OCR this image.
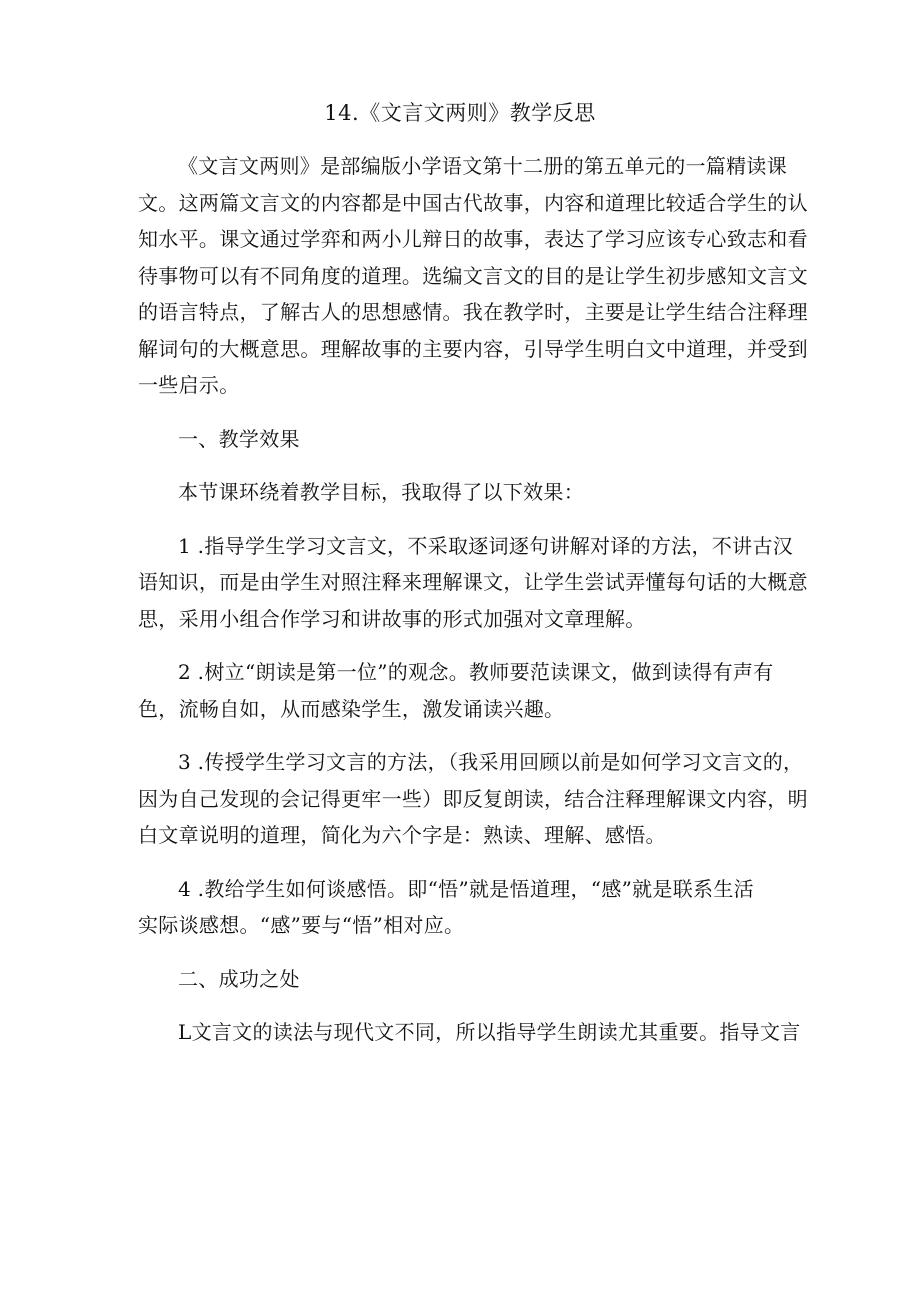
14.《文言文两则》教学反思
《文言文两则》是部编版小学语文第十二册的第五单元的一篇精读课
文。这两篇文言文的内容都是中国古代故事，内容和道理比较适合学生的认
知水平。课文通过学弈和两小儿辩日的故事，表达了学习应该专心致志和看
待事物可以有不同角度的道理。选编文言文的目的是让学生初步感知文言文
的语言特点，了解古人的思想感情。我在教学时，主要是让学生结合注释理
解词句的大概意思。理解故事的主要内容，引导学生明白文中道理，并受到
一些启示。
一、教学效果
本节课环绕着教学目标，我取得了以下效果：
1 .指导学生学习文言文，不采取逐词逐句讲解对译的方法，不讲古汉
语知识，而是由学生对照注释来理解课文，让学生尝试弄懂每句话的大概意
思，采用小组合作学习和讲故事的形式加强对文章理解。
2 .树立“朗读是第一位”的观念。教师要范读课文，做到读得有声有
色，流畅自如，从而感染学生，激发诵读兴趣。
3 .传授学生学习文言的方法，（我采用回顾以前是如何学习文言文的，
因为自己发现的会记得更牢一些）即反复朗读，结合注释理解课文内容，明
白文章说明的道理，简化为六个字是：熟读、理解、感悟。
4 .教给学生如何谈感悟。即“悟”就是悟道理，“感”就是联系生活
实际谈感想。“感”要与“悟”相对应。
二、成功之处
L文言文的读法与现代文不同，所以指导学生朗读尤其重要。指导文言
